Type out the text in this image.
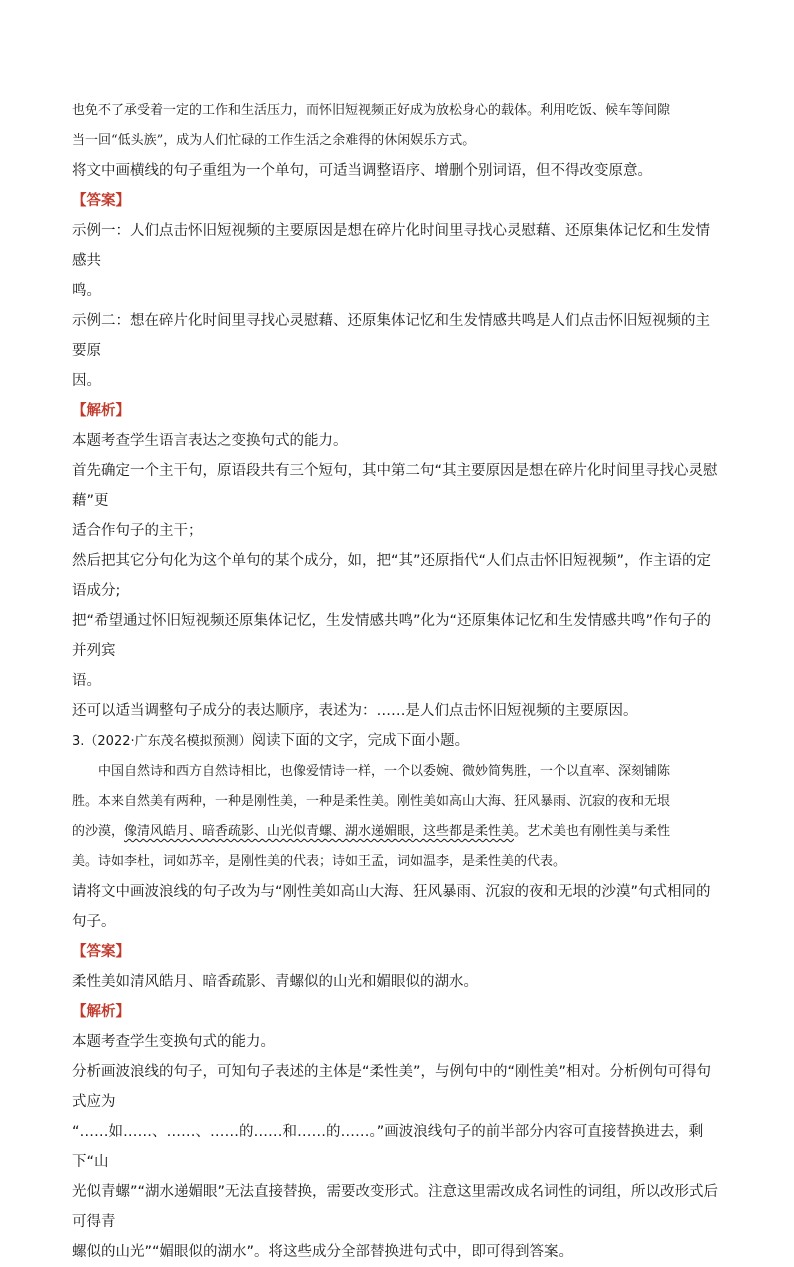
也免不了承受着一定的工作和生活压力，而怀旧短视频正好成为放松身心的载体。利用吃饭、候车等间隙
当一回“低头族”，成为人们忙碌的工作生活之余难得的休闲娱乐方式。

将文中画横线的句子重组为一个单句，可适当调整语序、增删个别词语，但不得改变原意。

【答案】

示例一：人们点击怀旧短视频的主要原因是想在碎片化时间里寻找心灵慰藉、还原集体记忆和生发情感共
鸣。

示例二：想在碎片化时间里寻找心灵慰藉、还原集体记忆和生发情感共鸣是人们点击怀旧短视频的主要原
因。

【解析】

本题考查学生语言表达之变换句式的能力。

首先确定一个主干句，原语段共有三个短句，其中第二句“其主要原因是想在碎片化时间里寻找心灵慰藉”更
适合作句子的主干；

然后把其它分句化为这个单句的某个成分，如，把“其”还原指代“人们点击怀旧短视频”，作主语的定语成分;
把“希望通过怀旧短视频还原集体记忆，生发情感共鸣”化为“还原集体记忆和生发情感共鸣”作句子的并列宾
语。

还可以适当调整句子成分的表达顺序，表述为：……是人们点击怀旧短视频的主要原因。

3.（2022·广东茂名模拟预测）阅读下面的文字，完成下面小题。

中国自然诗和西方自然诗相比，也像爱情诗一样，一个以委婉、微妙简隽胜，一个以直率、深刻铺陈
胜。本来自然美有两种，一种是刚性美，一种是柔性美。刚性美如高山大海、狂风暴雨、沉寂的夜和无垠
的沙漠，像清风皓月、暗香疏影、山光似青螺、湖水递媚眼，这些都是柔性美。艺术美也有刚性美与柔性
美。诗如李杜，词如苏辛，是刚性美的代表；诗如王孟，词如温李，是柔性美的代表。

请将文中画波浪线的句子改为与“刚性美如高山大海、狂风暴雨、沉寂的夜和无垠的沙漠”句式相同的句子。

【答案】

柔性美如清风皓月、暗香疏影、青螺似的山光和媚眼似的湖水。

【解析】

本题考查学生变换句式的能力。

分析画波浪线的句子，可知句子表述的主体是“柔性美”，与例句中的“刚性美”相对。分析例句可得句式应为
“……如……、……、……的……和……的……。”画波浪线句子的前半部分内容可直接替换进去，剩下“山
光似青螺”“湖水递媚眼”无法直接替换，需要改变形式。注意这里需改成名词性的词组，所以改形式后可得青
螺似的山光”“媚眼似的湖水”。将这些成分全部替换进句式中，即可得到答案。
